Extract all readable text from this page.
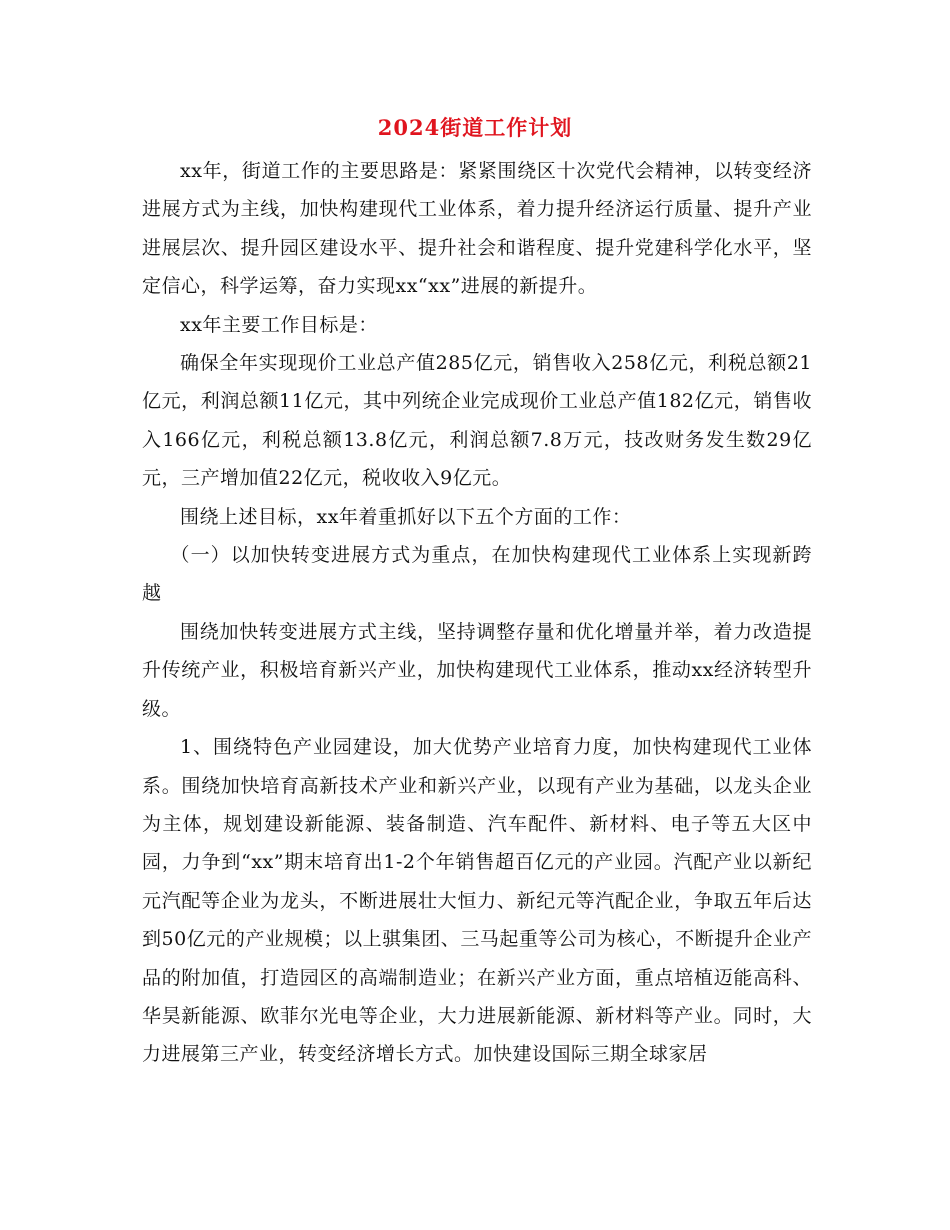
2024街道工作计划

xx年，街道工作的主要思路是：紧紧围绕区十次党代会精神，以转变经济进展方式为主线，加快构建现代工业体系，着力提升经济运行质量、提升产业进展层次、提升园区建设水平、提升社会和谐程度、提升党建科学化水平，坚定信心，科学运筹，奋力实现xx“xx”进展的新提升。

xx年主要工作目标是：

确保全年实现现价工业总产值285亿元，销售收入258亿元，利税总额21亿元，利润总额11亿元，其中列统企业完成现价工业总产值182亿元，销售收入166亿元，利税总额13.8亿元，利润总额7.8万元，技改财务发生数29亿元，三产增加值22亿元，税收收入9亿元。

围绕上述目标，xx年着重抓好以下五个方面的工作：

（一）以加快转变进展方式为重点，在加快构建现代工业体系上实现新跨越

围绕加快转变进展方式主线，坚持调整存量和优化增量并举，着力改造提升传统产业，积极培育新兴产业，加快构建现代工业体系，推动xx经济转型升级。

1、围绕特色产业园建设，加大优势产业培育力度，加快构建现代工业体系。围绕加快培育高新技术产业和新兴产业，以现有产业为基础，以龙头企业为主体，规划建设新能源、装备制造、汽车配件、新材料、电子等五大区中园，力争到“xx”期末培育出1-2个年销售超百亿元的产业园。汽配产业以新纪元汽配等企业为龙头，不断进展壮大恒力、新纪元等汽配企业，争取五年后达到50亿元的产业规模；以上骐集团、三马起重等公司为核心，不断提升企业产品的附加值，打造园区的高端制造业；在新兴产业方面，重点培植迈能高科、华昊新能源、欧菲尔光电等企业，大力进展新能源、新材料等产业。同时，大力进展第三产业，转变经济增长方式。加快建设国际三期全球家居
